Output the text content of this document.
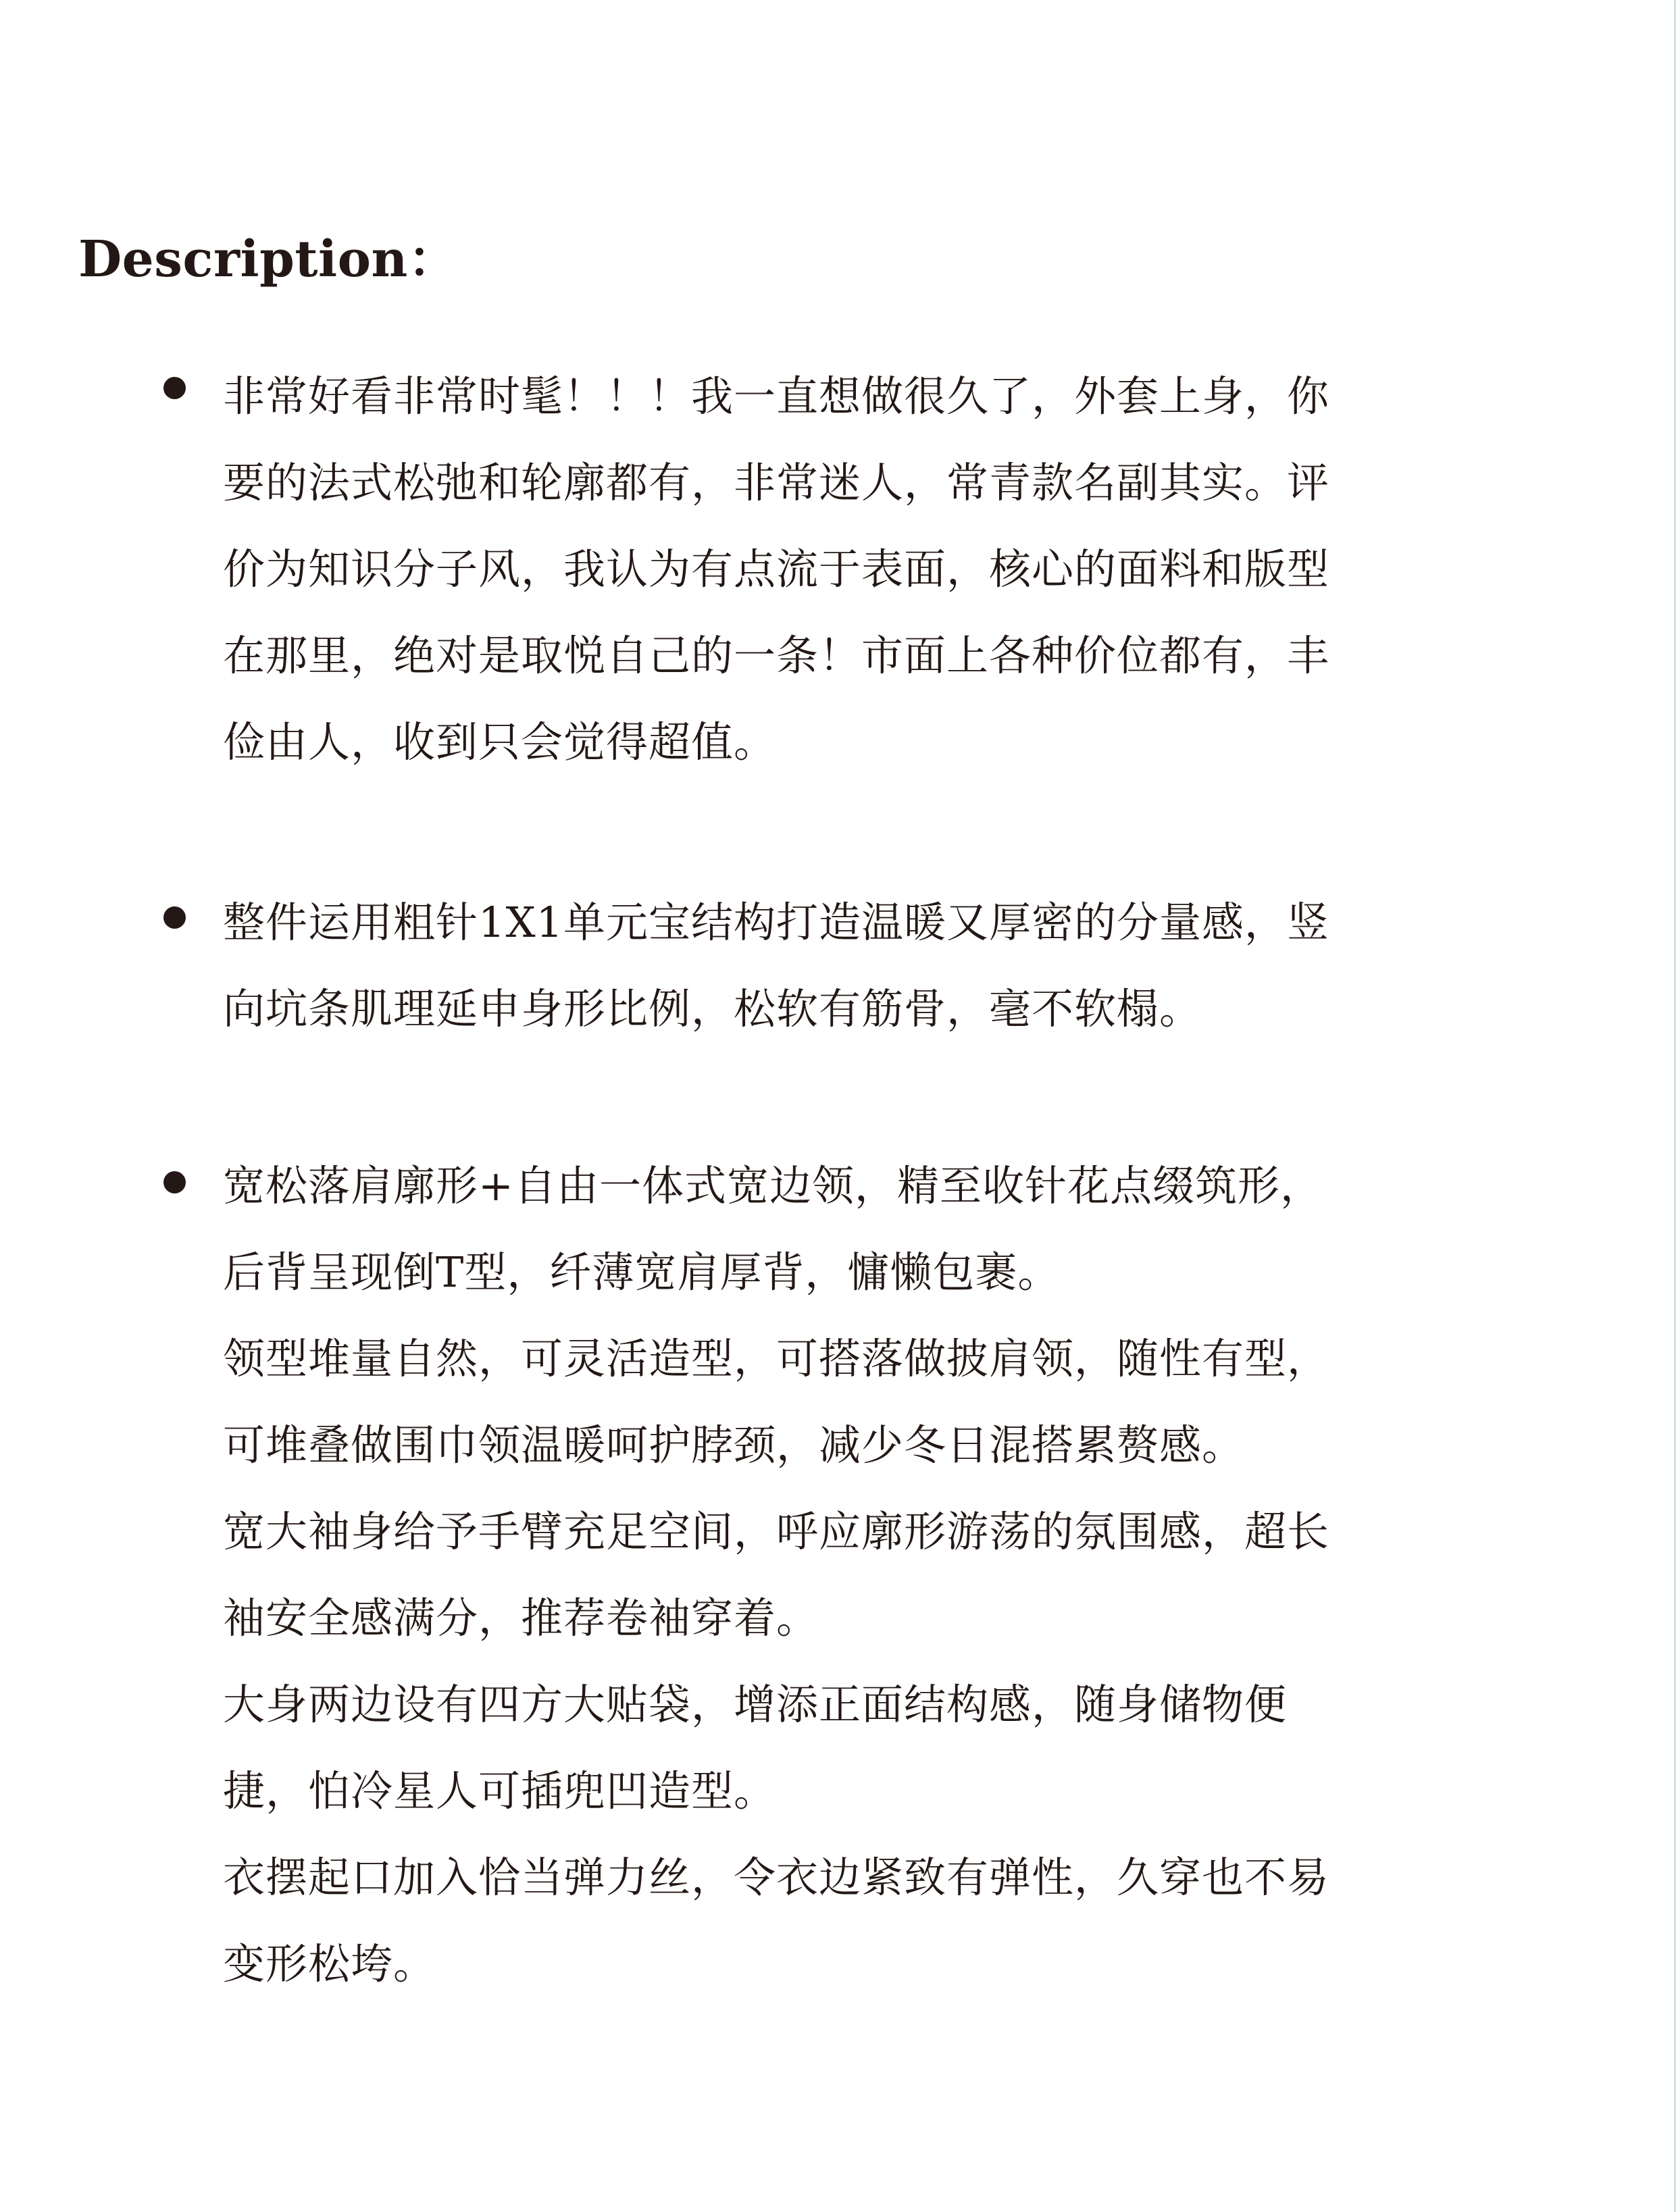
Description：
非常好看非常时髦！！！我一直想做很久了，外套上身，你
要的法式松弛和轮廓都有，非常迷人，常青款名副其实。评
价为知识分子风，我认为有点流于表面，核心的面料和版型
在那里，绝对是取悦自己的一条！市面上各种价位都有，丰
俭由人，收到只会觉得超值。
整件运用粗针1X1单元宝结构打造温暖又厚密的分量感，竖
向坑条肌理延申身形比例，松软有筋骨，毫不软榻。
宽松落肩廓形+自由一体式宽边领，精至收针花点缀筑形，
后背呈现倒T型，纤薄宽肩厚背，慵懒包裹。
领型堆量自然，可灵活造型，可搭落做披肩领，随性有型，
可堆叠做围巾领温暖呵护脖颈，减少冬日混搭累赘感。
宽大袖身给予手臂充足空间，呼应廓形游荡的氛围感，超长
袖安全感满分，推荐卷袖穿着。
大身两边设有四方大贴袋，增添正面结构感，随身储物便
捷，怕冷星人可插兜凹造型。
衣摆起口加入恰当弹力丝，令衣边紧致有弹性，久穿也不易
变形松垮。
